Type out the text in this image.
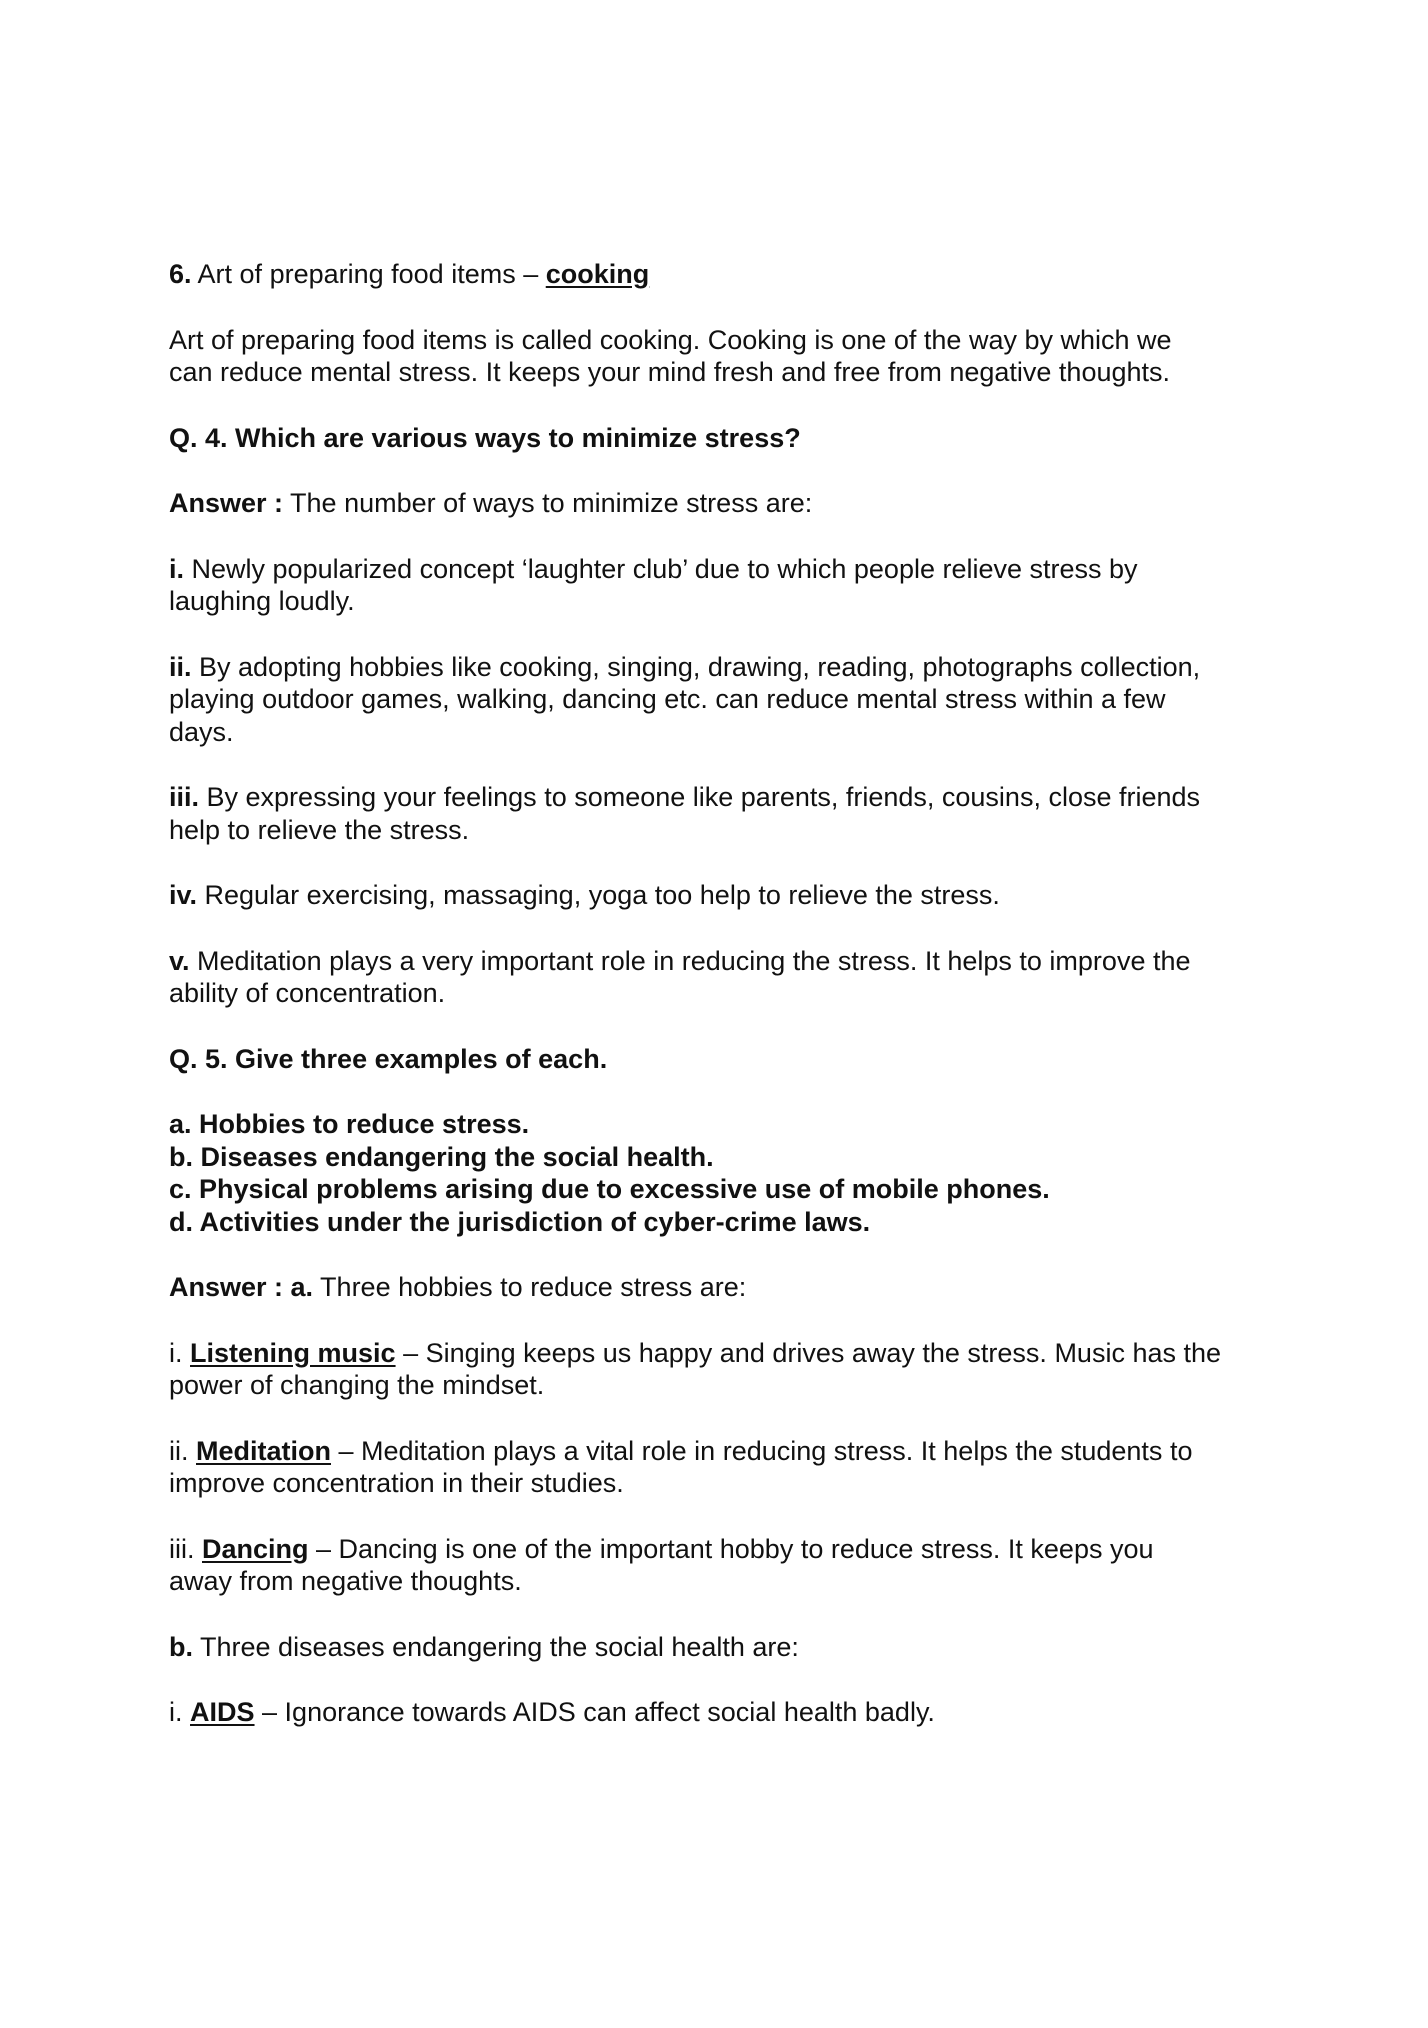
6. Art of preparing food items – cooking

Art of preparing food items is called cooking. Cooking is one of the way by which we
can reduce mental stress. It keeps your mind fresh and free from negative thoughts.

Q. 4. Which are various ways to minimize stress?

Answer : The number of ways to minimize stress are:

i. Newly popularized concept ‘laughter club’ due to which people relieve stress by
laughing loudly.

ii. By adopting hobbies like cooking, singing, drawing, reading, photographs collection,
playing outdoor games, walking, dancing etc. can reduce mental stress within a few
days.

iii. By expressing your feelings to someone like parents, friends, cousins, close friends
help to relieve the stress.

iv. Regular exercising, massaging, yoga too help to relieve the stress.

v. Meditation plays a very important role in reducing the stress. It helps to improve the
ability of concentration.

Q. 5. Give three examples of each.

a. Hobbies to reduce stress.
b. Diseases endangering the social health.
c. Physical problems arising due to excessive use of mobile phones.
d. Activities under the jurisdiction of cyber-crime laws.

Answer : a. Three hobbies to reduce stress are:

i. Listening music – Singing keeps us happy and drives away the stress. Music has the
power of changing the mindset.

ii. Meditation – Meditation plays a vital role in reducing stress. It helps the students to
improve concentration in their studies.

iii. Dancing – Dancing is one of the important hobby to reduce stress. It keeps you
away from negative thoughts.

b. Three diseases endangering the social health are:

i. AIDS – Ignorance towards AIDS can affect social health badly.
